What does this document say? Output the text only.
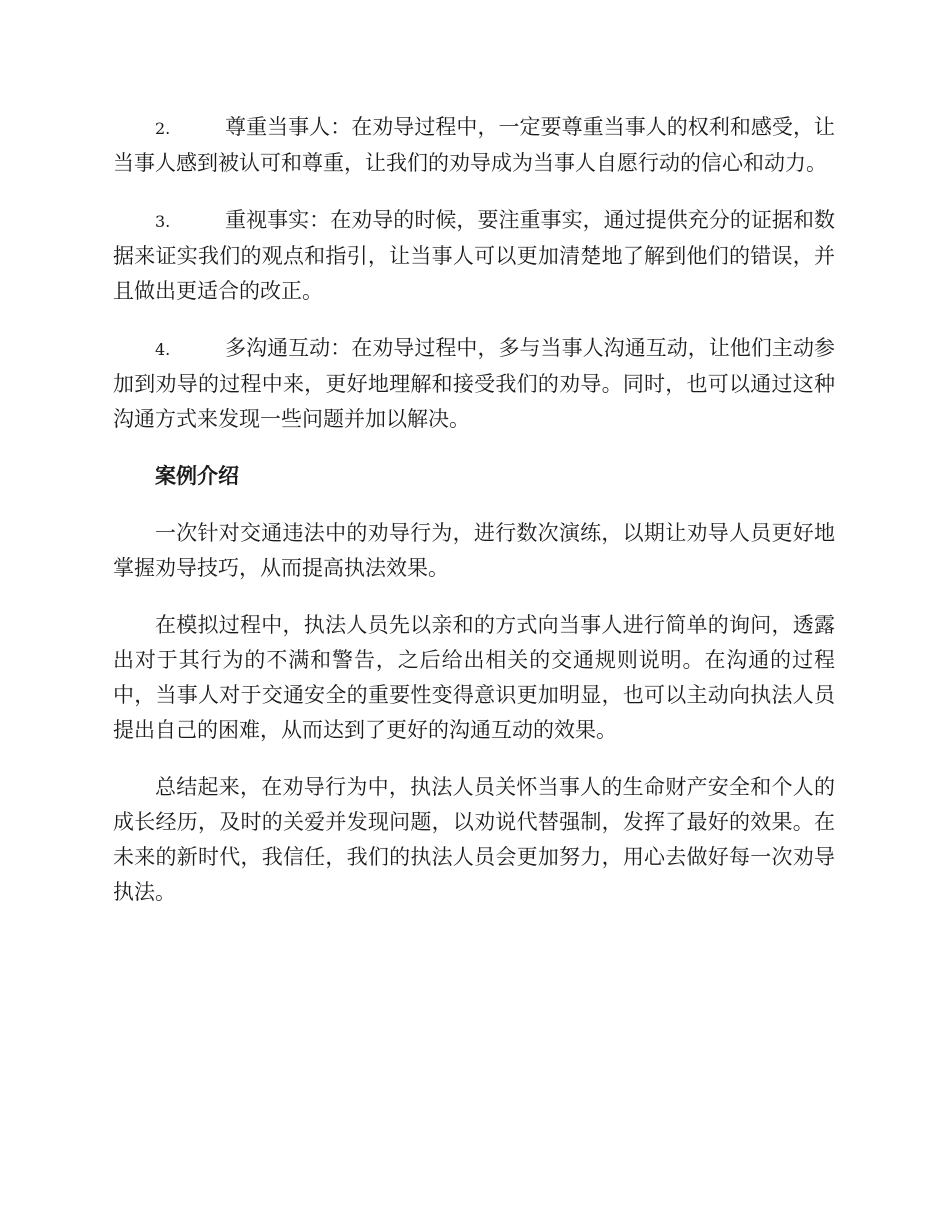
2.	尊重当事人：在劝导过程中，一定要尊重当事人的权利和感受，让当事人感到被认可和尊重，让我们的劝导成为当事人自愿行动的信心和动力。

3.	重视事实：在劝导的时候，要注重事实，通过提供充分的证据和数据来证实我们的观点和指引，让当事人可以更加清楚地了解到他们的错误，并且做出更适合的改正。

4.	多沟通互动：在劝导过程中，多与当事人沟通互动，让他们主动参加到劝导的过程中来，更好地理解和接受我们的劝导。同时，也可以通过这种沟通方式来发现一些问题并加以解决。

案例介绍

一次针对交通违法中的劝导行为，进行数次演练，以期让劝导人员更好地掌握劝导技巧，从而提高执法效果。

在模拟过程中，执法人员先以亲和的方式向当事人进行简单的询问，透露出对于其行为的不满和警告，之后给出相关的交通规则说明。在沟通的过程中，当事人对于交通安全的重要性变得意识更加明显，也可以主动向执法人员提出自己的困难，从而达到了更好的沟通互动的效果。

总结起来，在劝导行为中，执法人员关怀当事人的生命财产安全和个人的成长经历，及时的关爱并发现问题，以劝说代替强制，发挥了最好的效果。在未来的新时代，我信任，我们的执法人员会更加努力，用心去做好每一次劝导执法。
